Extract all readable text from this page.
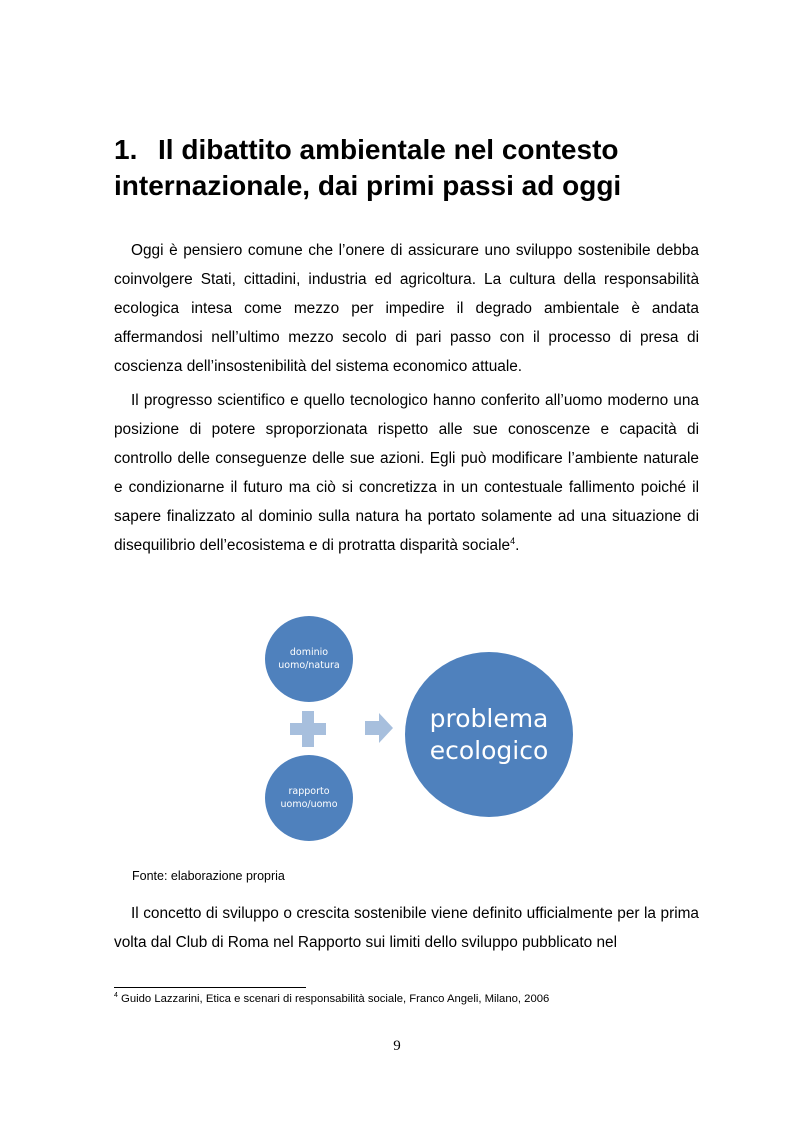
1. Il dibattito ambientale nel contesto internazionale, dai primi passi ad oggi

Oggi è pensiero comune che l’onere di assicurare uno sviluppo sostenibile debba coinvolgere Stati, cittadini, industria ed agricoltura. La cultura della responsabilità ecologica intesa come mezzo per impedire il degrado ambientale è andata affermandosi nell’ultimo mezzo secolo di pari passo con il processo di presa di coscienza dell’insostenibilità del sistema economico attuale.

Il progresso scientifico e quello tecnologico hanno conferito all’uomo moderno una posizione di potere sproporzionata rispetto alle sue conoscenze e capacità di controllo delle conseguenze delle sue azioni. Egli può modificare l’ambiente naturale e condizionarne il futuro ma ciò si concretizza in un contestuale fallimento poiché il sapere finalizzato al dominio sulla natura ha portato solamente ad una situazione di disequilibrio dell’ecosistema e di protratta disparità sociale$^4$.

dominio
uomo/natura
rapporto
uomo/uomo
problema
ecologico

Fonte: elaborazione propria

Il concetto di sviluppo o crescita sostenibile viene definito ufficialmente per la prima volta dal Club di Roma nel Rapporto sui limiti dello sviluppo pubblicato nel

$^4$ Guido Lazzarini, Etica e scenari di responsabilità sociale, Franco Angeli, Milano, 2006

9
